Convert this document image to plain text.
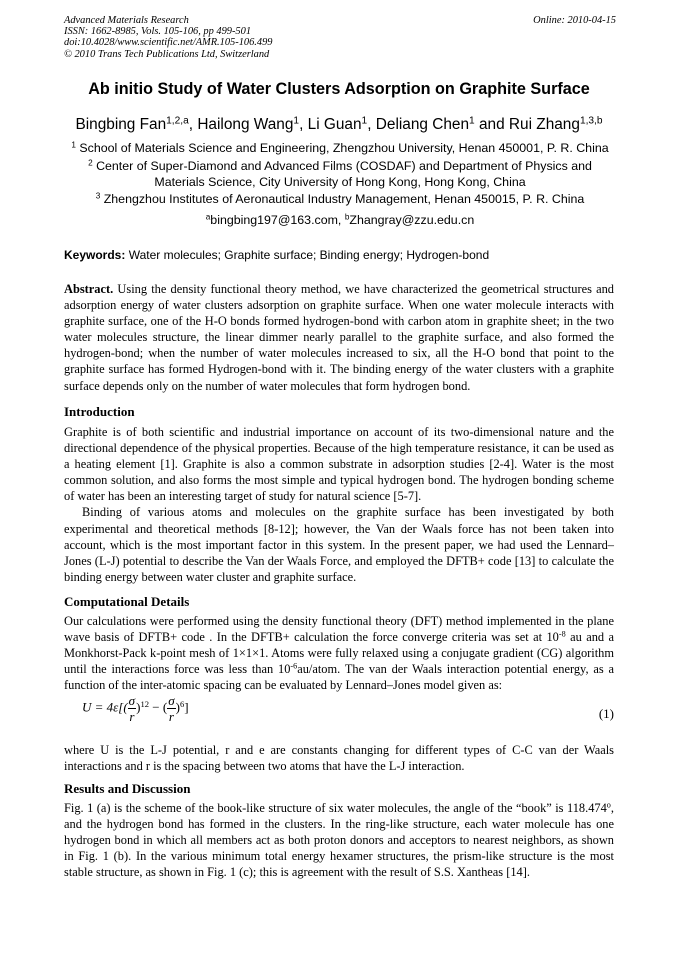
Advanced Materials Research
ISSN: 1662-8985, Vols. 105-106, pp 499-501
doi:10.4028/www.scientific.net/AMR.105-106.499
© 2010 Trans Tech Publications Ltd, Switzerland
Online: 2010-04-15
Ab initio Study of Water Clusters Adsorption on Graphite Surface
Bingbing Fan$^{1,2,a}$, Hailong Wang$^1$, Li Guan$^1$, Deliang Chen$^1$ and Rui Zhang$^{1,3,b}$
$^1$ School of Materials Science and Engineering, Zhengzhou University, Henan 450001, P. R. China
$^2$ Center of Super-Diamond and Advanced Films (COSDAF) and Department of Physics and
Materials Science, City University of Hong Kong, Hong Kong, China
$^3$ Zhengzhou Institutes of Aeronautical Industry Management, Henan 450015, P. R. China
$^a$bingbing197@163.com, $^b$Zhangray@zzu.edu.cn
Keywords: Water molecules; Graphite surface; Binding energy; Hydrogen-bond

Abstract. Using the density functional theory method, we have characterized the geometrical structures and adsorption energy of water clusters adsorption on graphite surface. When one water molecule interacts with graphite surface, one of the H-O bonds formed hydrogen-bond with carbon atom in graphite sheet; in the two water molecules structure, the linear dimmer nearly parallel to the graphite surface, and also formed the hydrogen-bond; when the number of water molecules increased to six, all the H-O bond that point to the graphite surface has formed Hydrogen-bond with it. The binding energy of the water clusters with a graphite surface depends only on the number of water molecules that form hydrogen bond.

Introduction

Graphite is of both scientific and industrial importance on account of its two-dimensional nature and the directional dependence of the physical properties. Because of the high temperature resistance, it can be used as a heating element [1]. Graphite is also a common substrate in adsorption studies [2-4]. Water is the most common solution, and also forms the most simple and typical hydrogen bond. The hydrogen bonding scheme of water has been an interesting target of study for natural science [5-7].

Binding of various atoms and molecules on the graphite surface has been investigated by both experimental and theoretical methods [8-12]; however, the Van der Waals force has not been taken into account, which is the most important factor in this system. In the present paper, we had used the Lennard–Jones (L-J) potential to describe the Van der Waals Force, and employed the DFTB+ code [13] to calculate the binding energy between water cluster and graphite surface.

Computational Details

Our calculations were performed using the density functional theory (DFT) method implemented in the plane wave basis of DFTB+ code . In the DFTB+ calculation the force converge criteria was set at $10^{-8}$ au and a Monkhorst-Pack k-point mesh of 1×1×1. Atoms were fully relaxed using a conjugate gradient (CG) algorithm until the interactions force was less than $10^{-6}au$/atom. The van der Waals interaction potential energy, as a function of the inter-atomic spacing can be evaluated by Lennard–Jones model given as:

$U = 4\varepsilon[( \frac{\sigma}{r} )^{12}$ − ( $\frac{\sigma}{r} )^6$]	(1)

where U is the L-J potential, r and e are constants changing for different types of C-C van der Waals interactions and r is the spacing between two atoms that have the L-J interaction.

Results and Discussion

Fig. 1 (a) is the scheme of the book-like structure of six water molecules, the angle of the “book” is 118.474$^o$, and the hydrogen bond has formed in the clusters. In the ring-like structure, each water molecule has one hydrogen bond in which all members act as both proton donors and acceptors to nearest neighbors, as shown in Fig. 1 (b). In the various minimum total energy hexamer structures, the prism-like structure is the most stable structure, as shown in Fig. 1 (c); this is agreement with the result of S.S. Xantheas [14].
